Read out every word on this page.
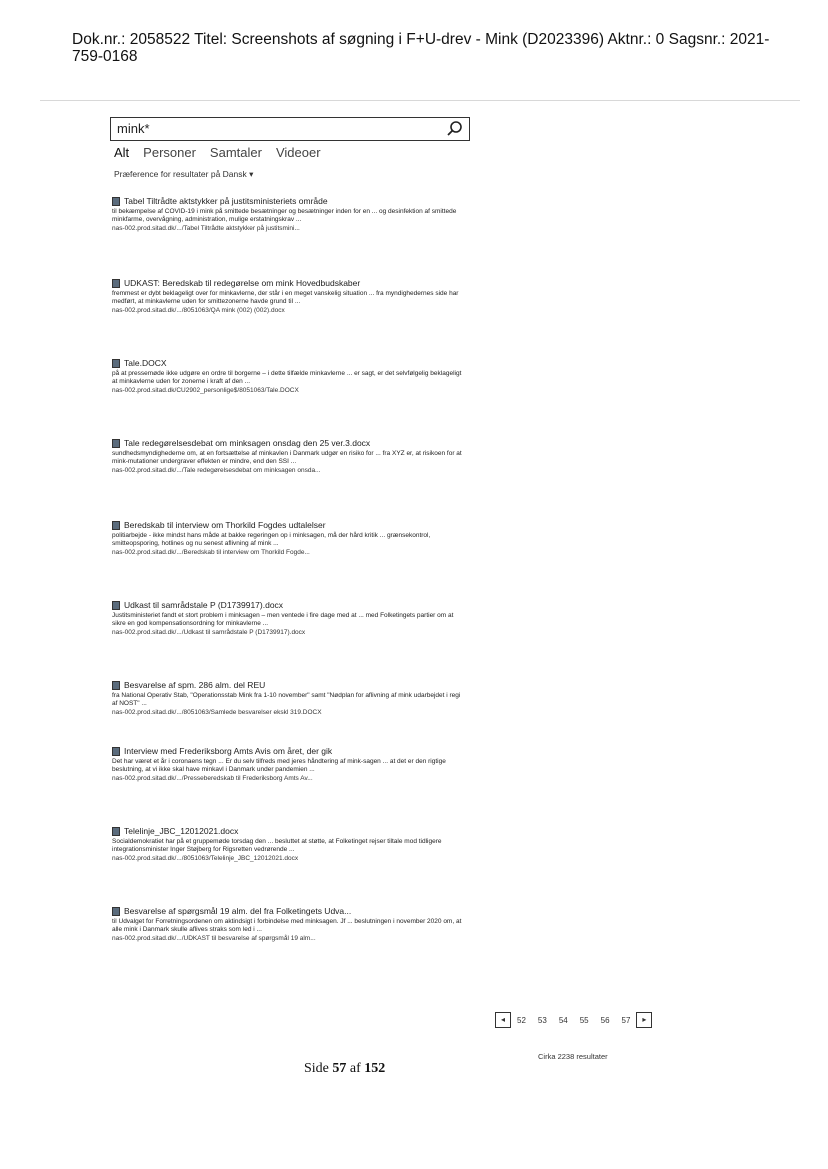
Dok.nr.: 2058522 Titel: Screenshots af søgning i F+U-drev - Mink (D2023396) Aktnr.: 0 Sagsnr.: 2021-759-0168
mink*
Alt Personer Samtaler Videoer
Præference for resultater på Dansk ▾
Tabel Tiltrådte aktstykker på justitsministeriets område
til bekæmpelse af COVID-19 i mink på smittede besætninger og besætninger inden for en ... og desinfektion af smittede minkfarme, overvågning, administration, mulige erstatningskrav ...
nas-002.prod.sitad.dk/.../Tabel Tiltrådte aktstykker på justitsmini...
UDKAST: Beredskab til redegørelse om mink Hovedbudskaber
fremmest er dybt beklageligt over for minkavlerne, der står i en meget vanskelig situation ... fra myndighedernes side har medført, at minkavlerne uden for smittezonerne havde grund til ...
nas-002.prod.sitad.dk/.../8051063/QA mink (002) (002).docx
Tale.DOCX
på at pressemøde ikke udgøre en ordre til borgerne – i dette tilfælde minkavlerne ... er sagt, er det selvfølgelig beklageligt at minkavlerne uden for zonerne i kraft af den ...
nas-002.prod.sitad.dk/CU2902_personlige$/8051063/Tale.DOCX
Tale redegørelsesdebat om minksagen onsdag den 25 ver.3.docx
sundhedsmyndighederne om, at en fortsættelse af minkavlen i Danmark udgør en risiko for ... fra XYZ er, at risikoen for at mink-mutationer undergraver effekten er mindre, end den SSI ...
nas-002.prod.sitad.dk/.../Tale redegørelsesdebat om minksagen onsda...
Beredskab til interview om Thorkild Fogdes udtalelser
politiarbejde - ikke mindst hans måde at bakke regeringen op i minksagen, må der hård kritik ... grænsekontrol, smitteopsporing, hotlines og nu senest aflivning af mink ...
nas-002.prod.sitad.dk/.../Beredskab til interview om Thorkild Fogde...
Udkast til samrådstale P (D1739917).docx
Justitsministeriet fandt et stort problem i minksagen – men ventede i fire dage med at ... med Folketingets partier om at sikre en god kompensationsordning for minkavlerne ...
nas-002.prod.sitad.dk/.../Udkast til samrådstale P (D1739917).docx
Besvarelse af spm. 286 alm. del REU
fra National Operativ Stab, "Operationsstab Mink fra 1-10 november" samt "Nødplan for aflivning af mink udarbejdet i regi af NOST" ...
nas-002.prod.sitad.dk/.../8051063/Samlede besvarelser ekskl 319.DOCX
Interview med Frederiksborg Amts Avis om året, der gik
Det har været et år i coronaens tegn ... Er du selv tilfreds med jeres håndtering af mink-sagen ... at det er den rigtige beslutning, at vi ikke skal have minkavl i Danmark under pandemien ...
nas-002.prod.sitad.dk/.../Presseberedskab til Frederiksborg Amts Av...
Telelinje_JBC_12012021.docx
Socialdemokratiet har på et gruppemøde torsdag den ... besluttet at støtte, at Folketinget rejser tiltale mod tidligere integrationsminister Inger Støjberg for Rigsretten vedrørende ...
nas-002.prod.sitad.dk/.../8051063/Telelinje_JBC_12012021.docx
Besvarelse af spørgsmål 19 alm. del fra Folketingets Udva...
til Udvalget for Forretningsordenen om aktindsigt i forbindelse med minksagen. Jf ... beslutningen i november 2020 om, at alle mink i Danmark skulle aflives straks som led i ...
nas-002.prod.sitad.dk/.../UDKAST til besvarelse af spørgsmål 19 alm...
◂	52 53 54 55 56 57	▸
Cirka 2238 resultater
Side 57 af 152
